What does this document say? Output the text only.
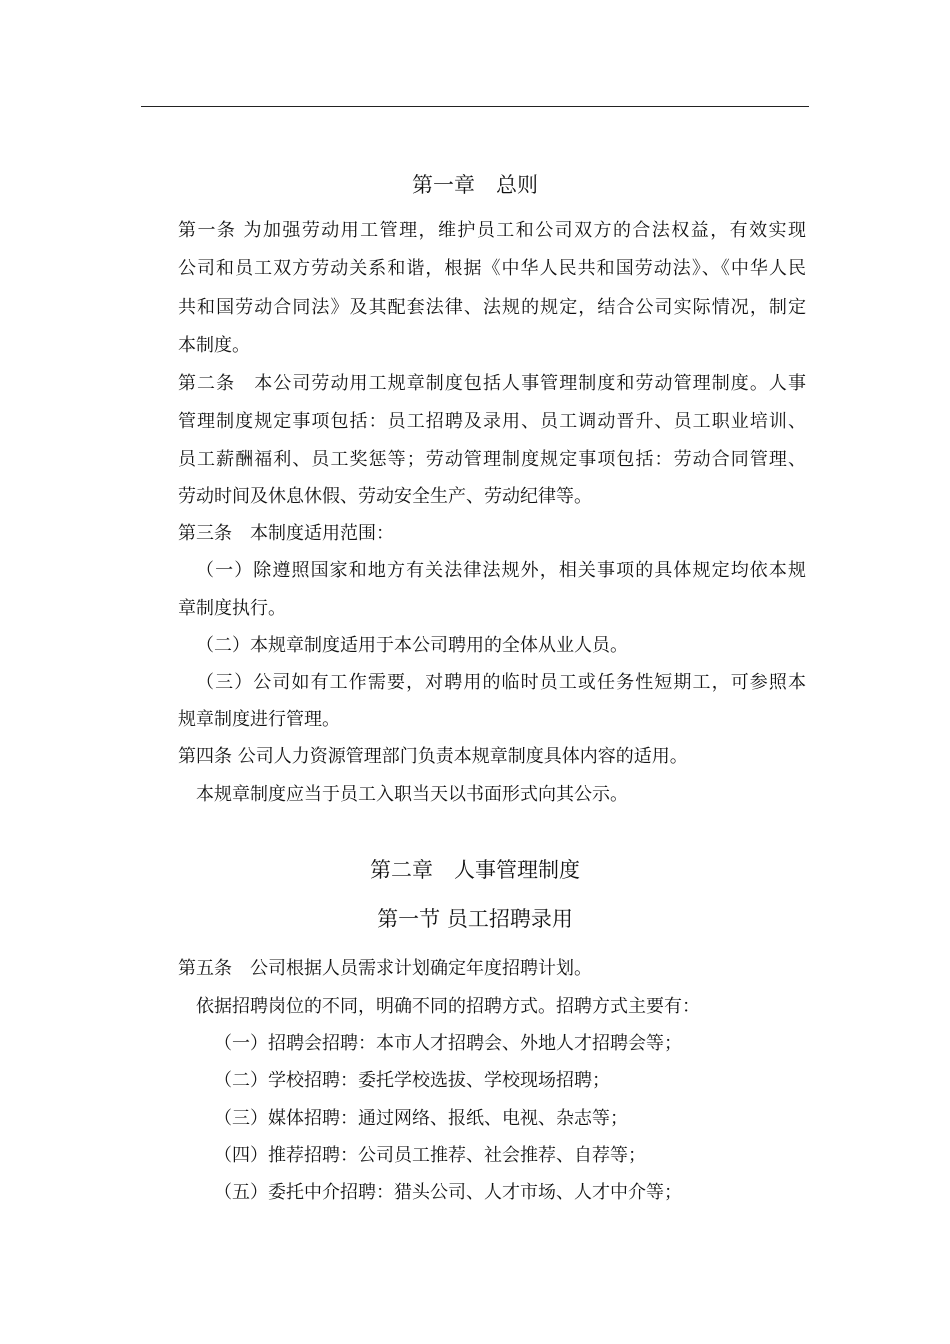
第一章　总则
第一条 为加强劳动用工管理，维护员工和公司双方的合法权益，有效实现
公司和员工双方劳动关系和谐，根据《中华人民共和国劳动法》、《中华人民
共和国劳动合同法》及其配套法律、法规的规定，结合公司实际情况，制定
本制度。
第二条　本公司劳动用工规章制度包括人事管理制度和劳动管理制度。人事
管理制度规定事项包括：员工招聘及录用、员工调动晋升、员工职业培训、
员工薪酬福利、员工奖惩等；劳动管理制度规定事项包括：劳动合同管理、
劳动时间及休息休假、劳动安全生产、劳动纪律等。
第三条　本制度适用范围：
（一）除遵照国家和地方有关法律法规外，相关事项的具体规定均依本规
章制度执行。
（二）本规章制度适用于本公司聘用的全体从业人员。
（三）公司如有工作需要，对聘用的临时员工或任务性短期工，可参照本
规章制度进行管理。
第四条 公司人力资源管理部门负责本规章制度具体内容的适用。
本规章制度应当于员工入职当天以书面形式向其公示。
第二章　人事管理制度
第一节 员工招聘录用
第五条　公司根据人员需求计划确定年度招聘计划。
依据招聘岗位的不同，明确不同的招聘方式。招聘方式主要有：
（一）招聘会招聘：本市人才招聘会、外地人才招聘会等；
（二）学校招聘：委托学校选拔、学校现场招聘；
（三）媒体招聘：通过网络、报纸、电视、杂志等；
（四）推荐招聘：公司员工推荐、社会推荐、自荐等；
（五）委托中介招聘：猎头公司、人才市场、人才中介等；
